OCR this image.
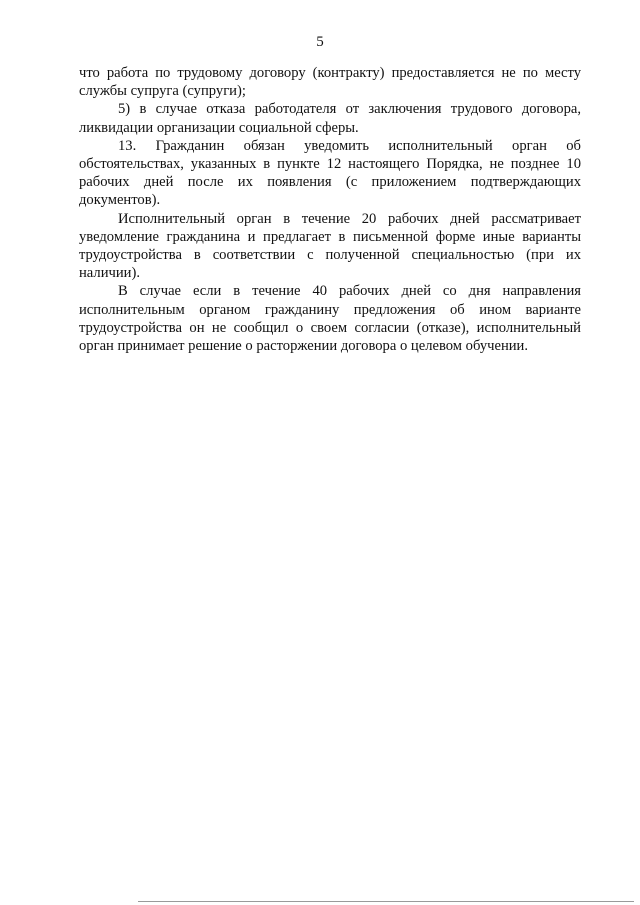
5

что работа по трудовому договору (контракту) предоставляется не по месту службы супруга (супруги);

5) в случае отказа работодателя от заключения трудового договора, ликвидации организации социальной сферы.

13. Гражданин обязан уведомить исполнительный орган об обстоятельствах, указанных в пункте 12 настоящего Порядка, не позднее 10 рабочих дней после их появления (с приложением подтверждающих документов).

Исполнительный орган в течение 20 рабочих дней рассматривает уведомление гражданина и предлагает в письменной форме иные варианты трудоустройства в соответствии с полученной специальностью (при их наличии).

В случае если в течение 40 рабочих дней со дня направления исполнительным органом гражданину предложения об ином варианте трудоустройства он не сообщил о своем согласии (отказе), исполнительный орган принимает решение о расторжении договора о целевом обучении.
